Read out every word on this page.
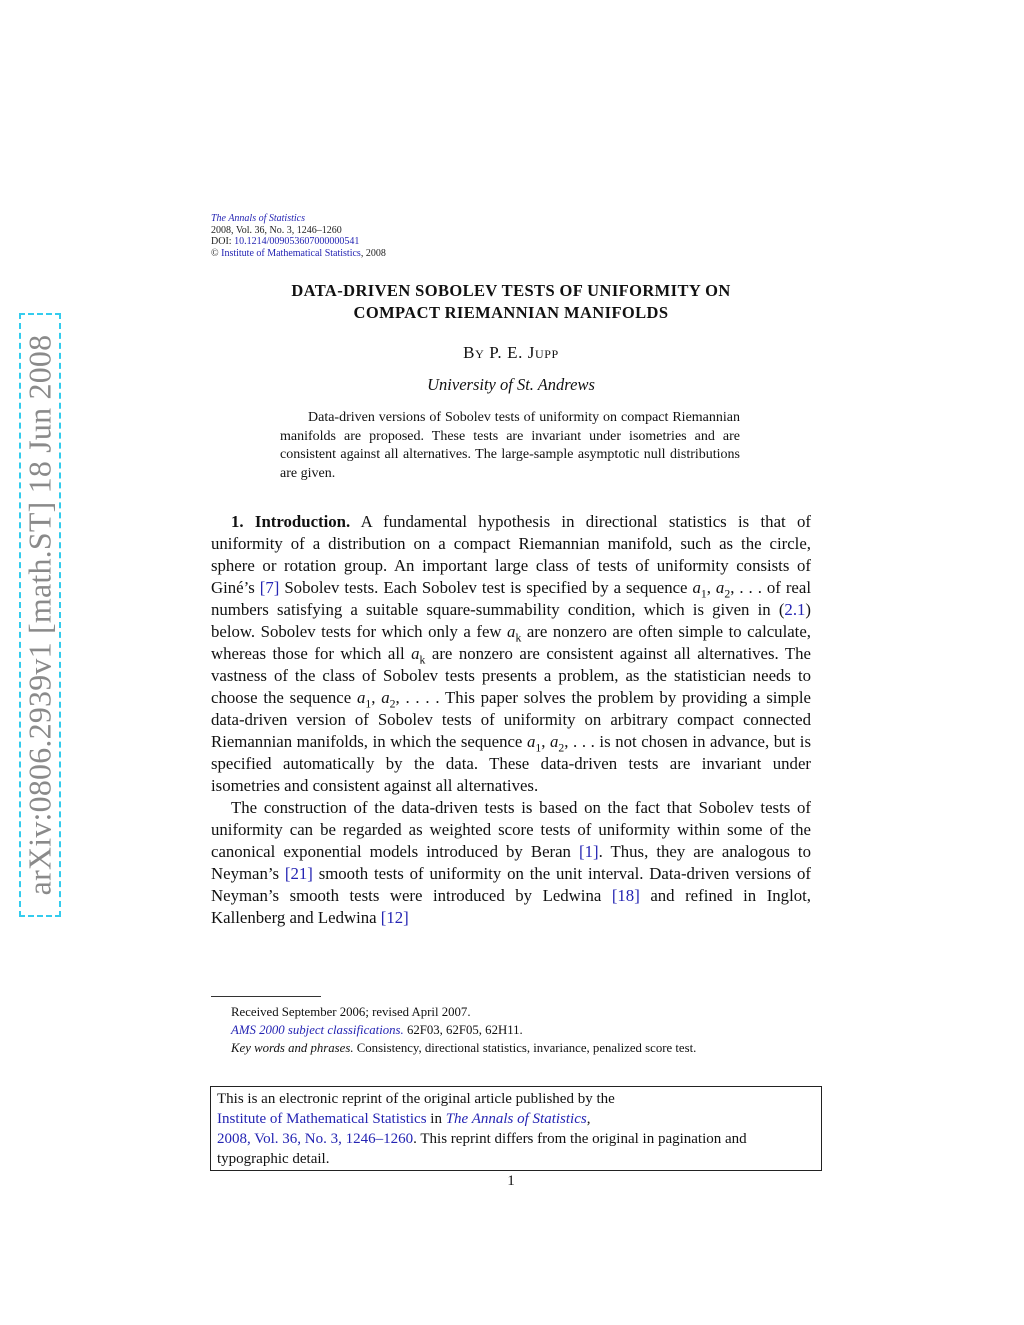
arXiv:0806.2939v1 [math.ST] 18 Jun 2008
The Annals of Statistics
2008, Vol. 36, No. 3, 1246–1260
DOI: 10.1214/009053607000000541
© Institute of Mathematical Statistics, 2008
DATA-DRIVEN SOBOLEV TESTS OF UNIFORMITY ON
COMPACT RIEMANNIAN MANIFOLDS
By P. E. Jupp
University of St. Andrews
Data-driven versions of Sobolev tests of uniformity on compact Riemannian manifolds are proposed. These tests are invariant under isometries and are consistent against all alternatives. The large-sample asymptotic null distributions are given.

1. Introduction. A fundamental hypothesis in directional statistics is that of uniformity of a distribution on a compact Riemannian manifold, such as the circle, sphere or rotation group. An important large class of tests of uniformity consists of Giné’s [7] Sobolev tests. Each Sobolev test is specified by a sequence $a_1$, $a_2$, . . . of real numbers satisfying a suitable square-summability condition, which is given in (2.1) below. Sobolev tests for which only a few $a_k$ are nonzero are often simple to calculate, whereas those for which all $a_k$ are nonzero are consistent against all alternatives. The vastness of the class of Sobolev tests presents a problem, as the statistician needs to choose the sequence $a_1$, $a_2$, . . . . This paper solves the problem by providing a simple data-driven version of Sobolev tests of uniformity on arbitrary compact connected Riemannian manifolds, in which the sequence $a_1$, $a_2$, . . . is not chosen in advance, but is specified automatically by the data. These data-driven tests are invariant under isometries and consistent against all alternatives.

The construction of the data-driven tests is based on the fact that Sobolev tests of uniformity can be regarded as weighted score tests of uniformity within some of the canonical exponential models introduced by Beran [1]. Thus, they are analogous to Neyman’s [21] smooth tests of uniformity on the unit interval. Data-driven versions of Neyman’s smooth tests were introduced by Ledwina [18] and refined in Inglot, Kallenberg and Ledwina [12]

Received September 2006; revised April 2007.

AMS 2000 subject classifications. 62F03, 62F05, 62H11.

Key words and phrases. Consistency, directional statistics, invariance, penalized score test.

This is an electronic reprint of the original article published by the
Institute of Mathematical Statistics in The Annals of Statistics,
2008, Vol. 36, No. 3, 1246–1260. This reprint differs from the original in pagination and typographic detail.
1
